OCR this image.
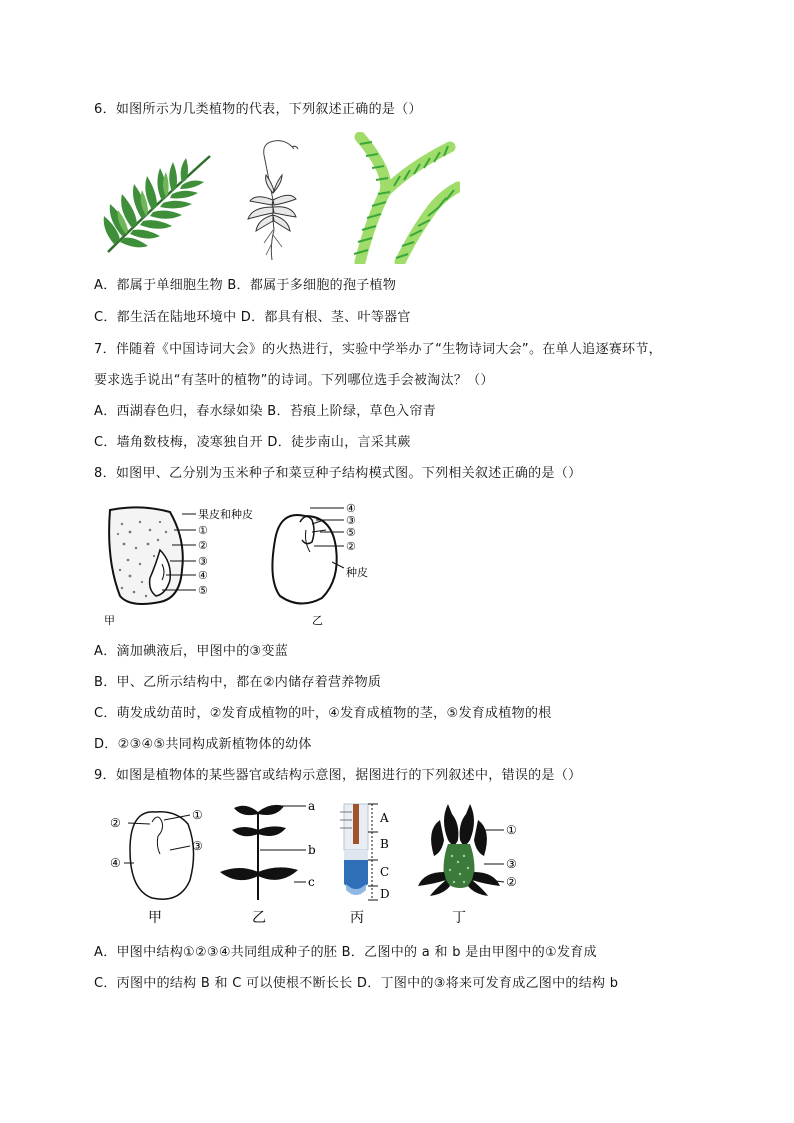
6．如图所示为几类植物的代表，下列叙述正确的是（）
A．都属于单细胞生物 B．都属于多细胞的孢子植物
C．都生活在陆地环境中 D．都具有根、茎、叶等器官
7．伴随着《中国诗词大会》的火热进行，实验中学举办了“生物诗词大会”。在单人追逐赛环节，
要求选手说出“有茎叶的植物”的诗词。下列哪位选手会被淘汰？（）
A．西湖春色归，春水绿如染 B．苔痕上阶绿，草色入帘青
C．墙角数枝梅，凌寒独自开 D．徒步南山，言采其蕨
8．如图甲、乙分别为玉米种子和菜豆种子结构模式图。下列相关叙述正确的是（）
果皮和种皮
①
②
③
④
⑤
甲
④
③
⑤
②
种皮
乙
A．滴加碘液后，甲图中的③变蓝
B．甲、乙所示结构中，都在②内储存着营养物质
C．萌发成幼苗时，②发育成植物的叶，④发育成植物的茎，⑤发育成植物的根
D．②③④⑤共同构成新植物体的幼体
9．如图是植物体的某些器官或结构示意图，据图进行的下列叙述中，错误的是（）
②
①
③
④
甲
a
b
c
乙
A
B
C
D
丙
①
③
②
丁
A．甲图中结构①②③④共同组成种子的胚 B．乙图中的 a 和 b 是由甲图中的①发育成
C．丙图中的结构 B 和 C 可以使根不断长长 D．丁图中的③将来可发育成乙图中的结构 b
